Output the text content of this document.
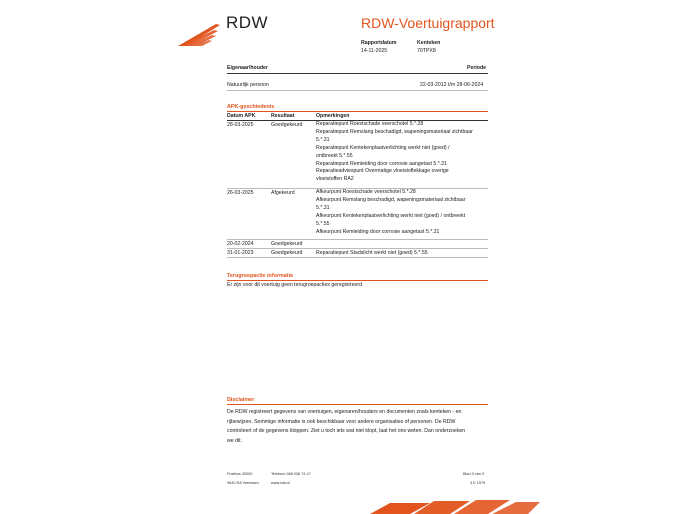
RDW	RDW-Voertuigrapport
Rapportdatum
14-11-2025
Kenteken
70TPX8
Eigenaar/houder	Periode
Natuurlijk persoon	22-03-2012 t/m 28-06-2024
APK-geschiedenis
Datum APK	Resultaat	Opmerkingen
28-03-2025	Goedgekeurd	Reparatiepunt Roestschade veerschotel 5.*.28
Reparatiepunt Remslang beschadigd, wapeningsmateriaal zichtbaar
5.*.31
Reparatiepunt Kentekenplaatverlichting werkt niet (goed) /
ontbreekt 5.*.55
Reparatiepunt Remleiding door corrosie aangetast 5.*.31
Reparatieadviespunt Overmatige vloeistoflekkage overige
vloeistoffen RA2
26-03-2025	Afgekeurd	Afkeurpunt Roestschade veerschotel 5.*.28
Afkeurpunt Remslang beschadigd, wapeningsmateriaal zichtbaar
5.*.31
Afkeurpunt Kentekenplaatverlichting werkt niet (goed) / ontbreekt
5.*.55
Afkeurpunt Remleiding door corrosie aangetast 5.*.31
20-02-2024	Goedgekeurd
31-01-2023	Goedgekeurd	Reparatiepunt Stadslicht werkt niet (goed) 5.*.55
Terugroepactie informatie
Er zijn voor dit voertuig geen terugroepacties geregistreerd
Disclaimer
De RDW registreert gegevens van voertuigen, eigenaren/houders en documenten zoals kenteken - en
rijbewijzen. Sommige informatie is ook beschikbaar voor andere organisaties of personen. De RDW
controleert of de gegevens kloppen. Ziet u toch iets wat niet klopt, laat het ons weten. Dan onderzoeken
we dit.
Postbus 30000
9640 RA Veendam
Telefoon 088 008 74 47
www.rdw.nl
Blad 3 van 3
3 E 1979
